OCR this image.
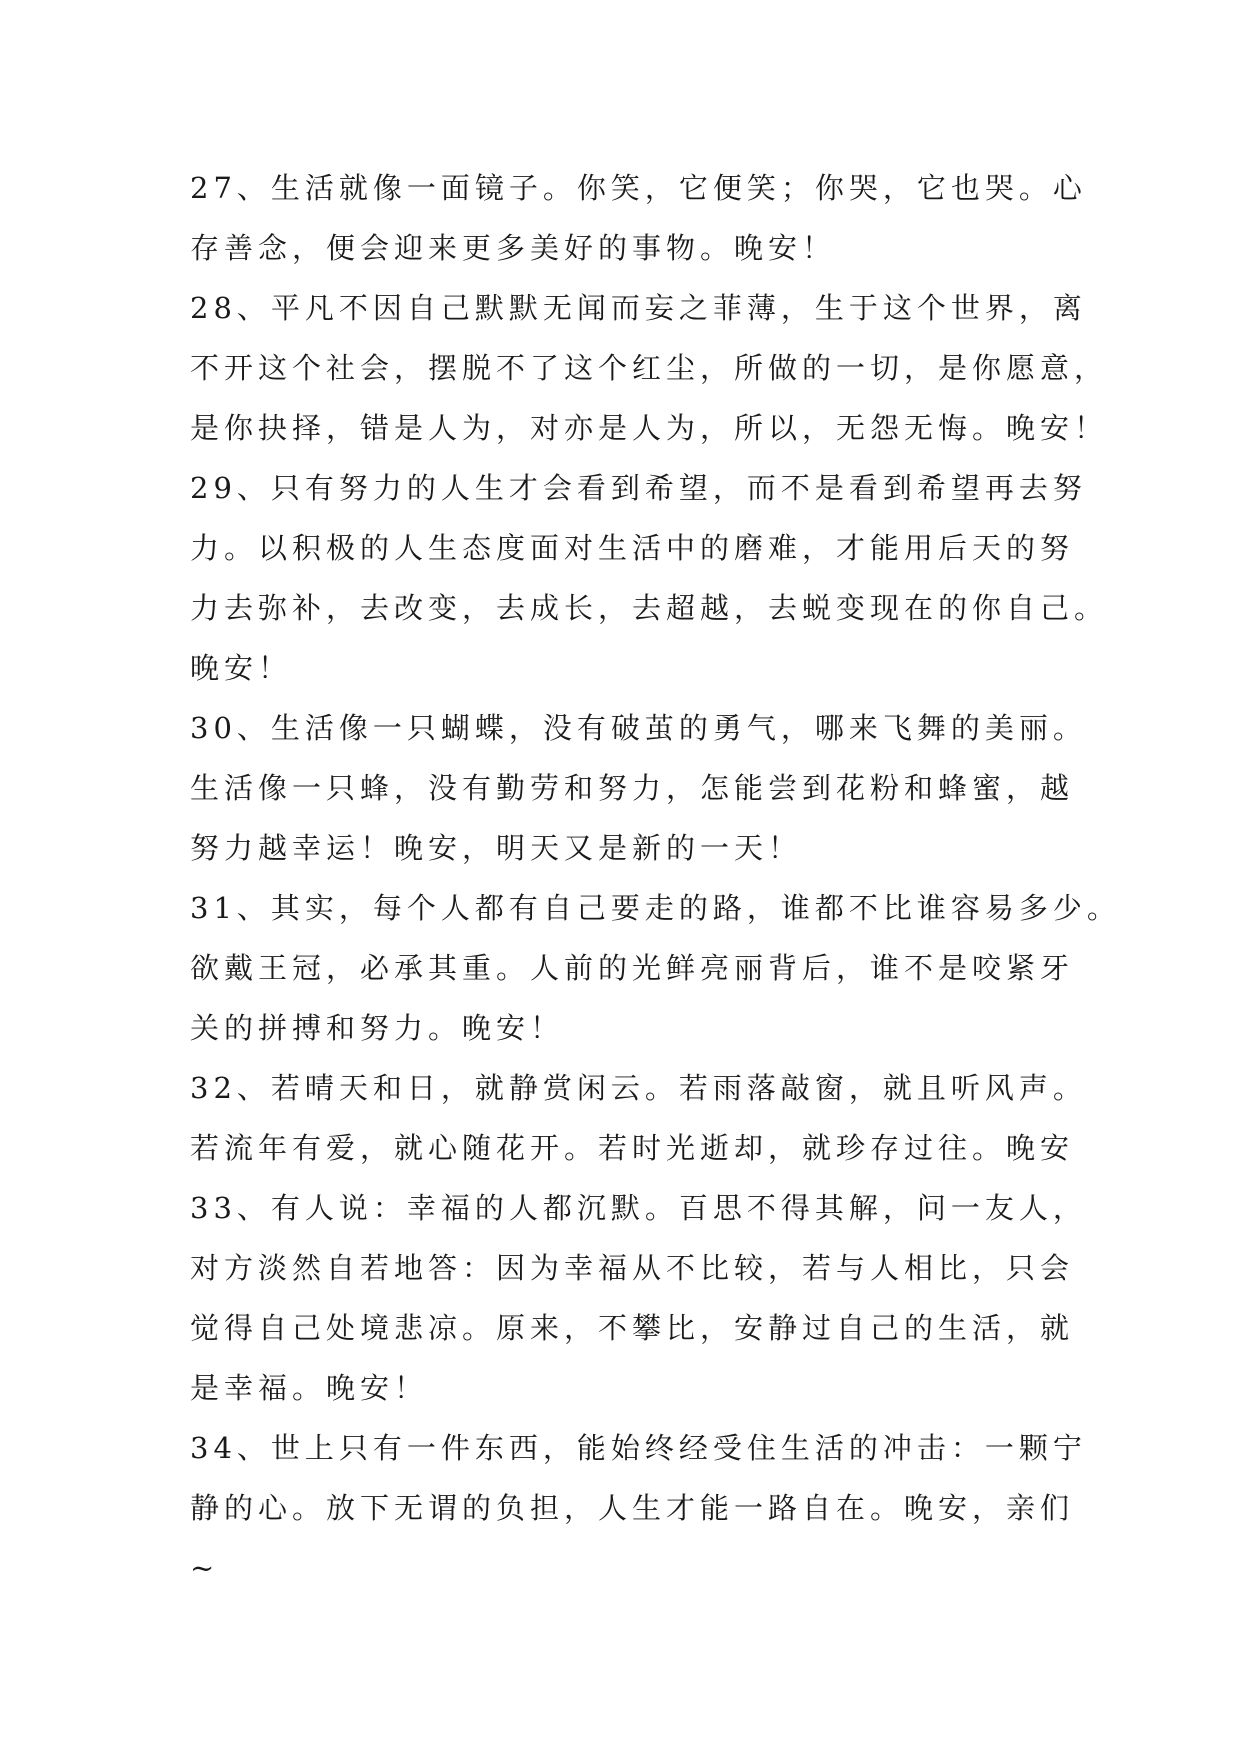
27、生活就像一面镜子。你笑，它便笑；你哭，它也哭。心
存善念，便会迎来更多美好的事物。晚安！
28、平凡不因自己默默无闻而妄之菲薄，生于这个世界，离
不开这个社会，摆脱不了这个红尘，所做的一切，是你愿意，
是你抉择，错是人为，对亦是人为，所以，无怨无悔。晚安！
29、只有努力的人生才会看到希望，而不是看到希望再去努
力。以积极的人生态度面对生活中的磨难，才能用后天的努
力去弥补，去改变，去成长，去超越，去蜕变现在的你自己。
晚安！
30、生活像一只蝴蝶，没有破茧的勇气，哪来飞舞的美丽。
生活像一只蜂，没有勤劳和努力，怎能尝到花粉和蜂蜜，越
努力越幸运！晚安，明天又是新的一天！
31、其实，每个人都有自己要走的路，谁都不比谁容易多少。
欲戴王冠，必承其重。人前的光鲜亮丽背后，谁不是咬紧牙
关的拼搏和努力。晚安！
32、若晴天和日，就静赏闲云。若雨落敲窗，就且听风声。
若流年有爱，就心随花开。若时光逝却，就珍存过往。晚安
33、有人说：幸福的人都沉默。百思不得其解，问一友人，
对方淡然自若地答：因为幸福从不比较，若与人相比，只会
觉得自己处境悲凉。原来，不攀比，安静过自己的生活，就
是幸福。晚安！
34、世上只有一件东西，能始终经受住生活的冲击：一颗宁
静的心。放下无谓的负担，人生才能一路自在。晚安，亲们
~
